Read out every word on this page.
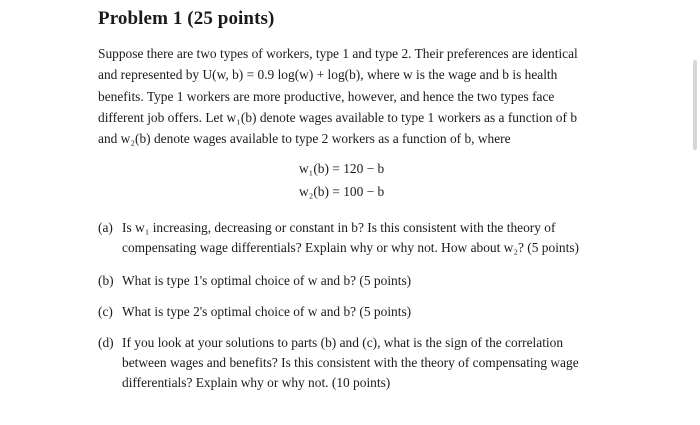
Problem 1 (25 points)
Suppose there are two types of workers, type 1 and type 2. Their preferences are identical
and represented by U(w, b) = 0.9 log(w) + log(b), where w is the wage and b is health
benefits. Type 1 workers are more productive, however, and hence the two types face
different job offers. Let w₁(b) denote wages available to type 1 workers as a function of b
and w₂(b) denote wages available to type 2 workers as a function of b, where
w₁(b) = 120 − b
w₂(b) = 100 − b
(a) Is w₁ increasing, decreasing or constant in b? Is this consistent with the theory of
compensating wage differentials? Explain why or why not. How about w₂? (5 points)
(b) What is type 1's optimal choice of w and b? (5 points)
(c) What is type 2's optimal choice of w and b? (5 points)
(d) If you look at your solutions to parts (b) and (c), what is the sign of the correlation
between wages and benefits? Is this consistent with the theory of compensating wage
differentials? Explain why or why not. (10 points)
